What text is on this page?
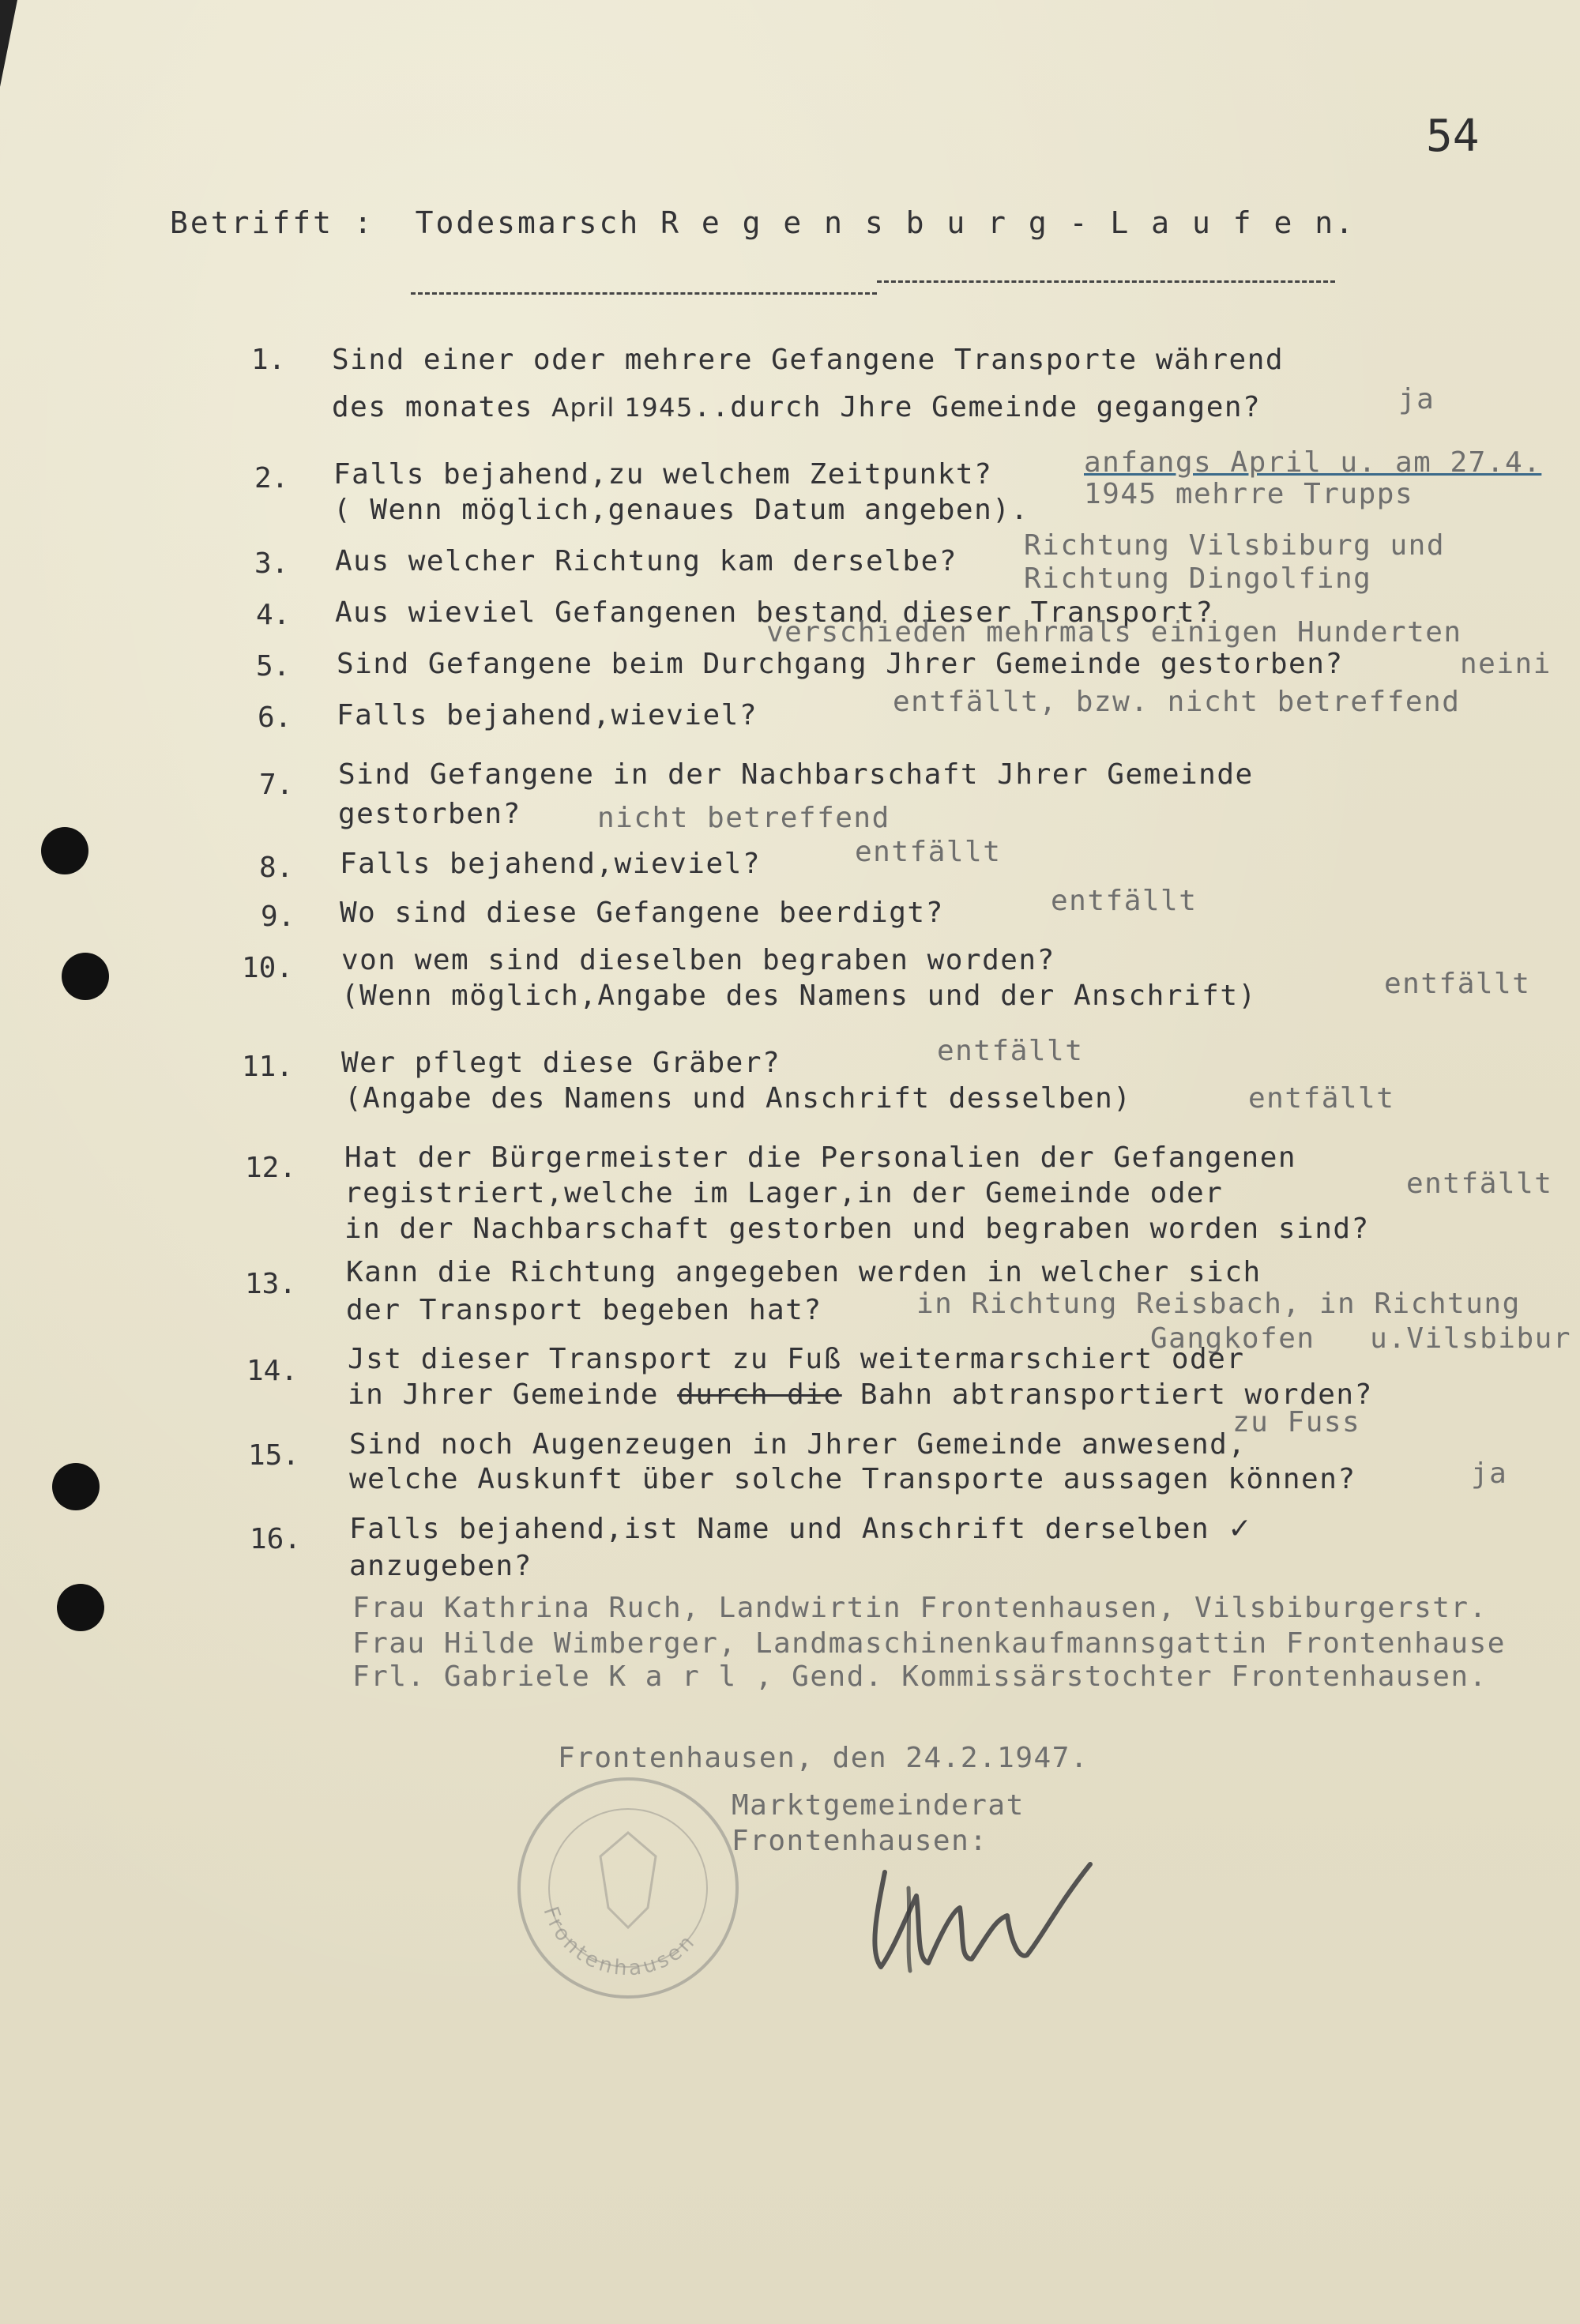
54
Betrifft : Todesmarsch R e g e n s b u r g - L a u f e n.
1. Sind einer oder mehrere Gefangene Transporte während
des monates April 1945..durch Jhre Gemeinde gegangen?	ja
2. Falls bejahend,zu welchem Zeitpunkt?
( Wenn möglich,genaues Datum angeben).
anfangs April u. am 27.4.
1945 mehrre Trupps
3. Aus welcher Richtung kam derselbe? Richtung Vilsbiburg und
Richtung Dingolfing
4. Aus wieviel Gefangenen bestand dieser Transport?
verschieden mehrmals einigen Hunderten
5. Sind Gefangene beim Durchgang Jhrer Gemeinde gestorben?	neini
6. Falls bejahend,wieviel?	entfällt, bzw. nicht betreffend
7. Sind Gefangene in der Nachbarschaft Jhrer Gemeinde
gestorben?	nicht betreffend
8. Falls bejahend,wieviel?	entfällt
9. Wo sind diese Gefangene beerdigt?	entfällt
10. von wem sind dieselben begraben worden?
(Wenn möglich,Angabe des Namens und der Anschrift)	entfällt
11. Wer pflegt diese Gräber?
(Angabe des Namens und Anschrift desselben)
entfällt
entfällt
12. Hat der Bürgermeister die Personalien der Gefangenen
registriert,welche im Lager,in der Gemeinde oder
in der Nachbarschaft gestorben und begraben worden sind?
entfällt
13. Kann die Richtung angegeben werden in welcher sich
der Transport begeben hat?	in Richtung Reisbach, in Richtung
Gangkofen   u.Vilsbibur
14. Jst dieser Transport zu Fuß weitermarschiert oder
in Jhrer Gemeinde durch die Bahn abtransportiert worden?
zu Fuss
15. Sind noch Augenzeugen in Jhrer Gemeinde anwesend,
welche Auskunft über solche Transporte aussagen können?	ja
16. Falls bejahend,ist Name und Anschrift derselben ✓
anzugeben?
Frau Kathrina Ruch, Landwirtin Frontenhausen, Vilsbiburgerstr.
Frau Hilde Wimberger, Landmaschinenkaufmannsgattin Frontenhause
Frl. Gabriele K a r l , Gend. Kommissärstochter Frontenhausen.
Frontenhausen, den 24.2.1947.
Marktgemeinderat
Frontenhausen:
Frontenhausen
